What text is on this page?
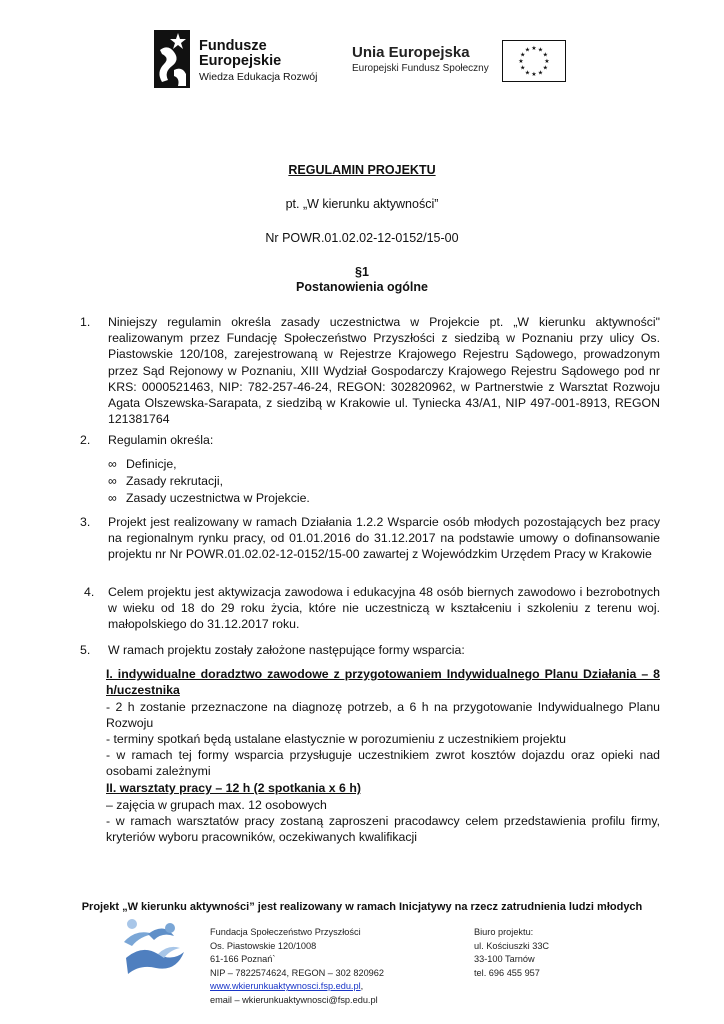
Fundusze
Europejskie
Wiedza Edukacja Rozwój
Unia Europejska
Europejski Fundusz Społeczny
★
★
★
★
★
★
★
★
★ ★ ★
★
REGULAMIN PROJEKTU
pt. „W kierunku aktywności”
Nr POWR.01.02.02-12-0152/15-00
§1
Postanowienia ogólne
1.	Niniejszy regulamin określa zasady uczestnictwa w Projekcie pt. „W kierunku aktywności" realizowanym przez Fundację Społeczeństwo Przyszłości z siedzibą w Poznaniu przy ulicy Os. Piastowskie 120/108, zarejestrowaną w Rejestrze Krajowego Rejestru Sądowego, prowadzonym przez Sąd Rejonowy w Poznaniu, XIII Wydział Gospodarczy Krajowego Rejestru Sądowego pod nr KRS: 0000521463, NIP: 782-257-46-24, REGON: 302820962, w Partnerstwie z Warsztat Rozwoju Agata Olszewska-Sarapata, z siedzibą w Krakowie ul. Tyniecka 43/A1, NIP 497-001-8913, REGON 121381764
2.	Regulamin określa:
∞ Definicje,
∞ Zasady rekrutacji,
∞ Zasady uczestnictwa w Projekcie.
3.	Projekt jest realizowany w ramach Działania 1.2.2 Wsparcie osób młodych pozostających bez pracy na regionalnym rynku pracy, od 01.01.2016 do 31.12.2017 na podstawie umowy o dofinansowanie projektu nr Nr POWR.01.02.02-12-0152/15-00 zawartej z Wojewódzkim Urzędem Pracy w Krakowie
4.	Celem projektu jest aktywizacja zawodowa i edukacyjna 48 osób biernych zawodowo i bezrobotnych w wieku od 18 do 29 roku życia, które nie uczestniczą w kształceniu i szkoleniu z terenu woj. małopolskiego do 31.12.2017 roku.
5.	W ramach projektu zostały założone następujące formy wsparcia:
I. indywidualne doradztwo zawodowe z przygotowaniem Indywidualnego Planu Działania – 8 h/uczestnika
- 2 h zostanie przeznaczone na diagnozę potrzeb, a 6 h na przygotowanie Indywidualnego Planu Rozwoju
- terminy spotkań będą ustalane elastycznie w porozumieniu z uczestnikiem projektu
- w ramach tej formy wsparcia przysługuje uczestnikiem zwrot kosztów dojazdu oraz opieki nad osobami zależnymi
II. warsztaty pracy – 12 h (2 spotkania x 6 h)
– zajęcia w grupach max. 12 osobowych
- w ramach warsztatów pracy zostaną zaproszeni pracodawcy celem przedstawienia profilu firmy, kryteriów wyboru pracowników, oczekiwanych kwalifikacji
Projekt „W kierunku aktywności” jest realizowany w ramach Inicjatywy na rzecz zatrudnienia ludzi młodych
Fundacja Społeczeństwo Przyszłości
Os. Piastowskie 120/1008
61-166 Poznań`
NIP – 7822574624, REGON – 302 820962
www.wkierunkuaktywnosci.fsp.edu.pl,
email – wkierunkuaktywnosci@fsp.edu.pl
Biuro projektu:
ul. Kościuszki 33C
33-100 Tarnów
tel. 696 455 957
